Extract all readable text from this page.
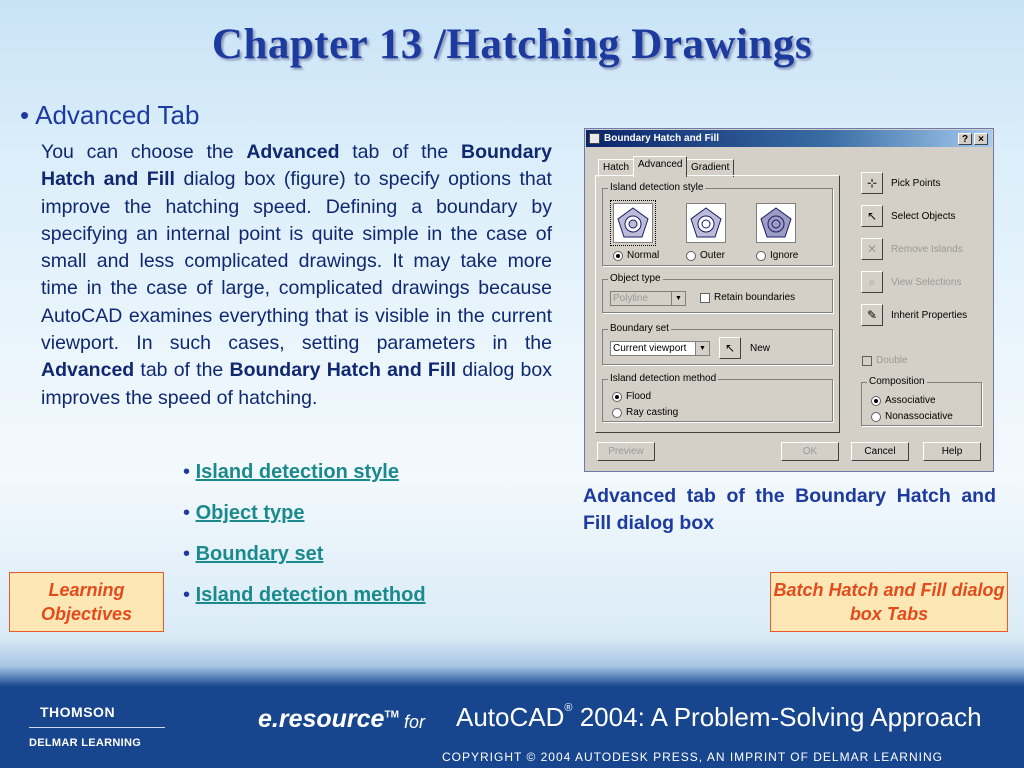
Chapter 13 /Hatching Drawings
• Advanced Tab
You can choose the Advanced tab of the Boundary Hatch and Fill dialog box (figure) to specify options that improve the hatching speed. Defining a boundary by specifying an internal point is quite simple in the case of small and less complicated drawings. It may take more time in the case of large, complicated drawings because AutoCAD examines everything that is visible in the current viewport. In such cases, setting parameters in the Advanced tab of the Boundary Hatch and Fill dialog box improves the speed of hatching.
• Island detection style
• Object type
• Boundary set
• Island detection method
Learning Objectives
Batch Hatch and Fill dialog box Tabs
Advanced tab of the Boundary Hatch and Fill dialog box
Boundary Hatch and Fill	?	×
Hatch Advanced Gradient
Island detection style
Normal	Outer	Ignore
Object type
Polyline	▼	Retain boundaries
Boundary set
Current viewport	▼	↖	New
Island detection method
Flood
Ray casting
⊹	Pick Points
↖	Select Objects
✕	Remove Islands
⌕	View Selections
✎	Inherit Properties
Double
Composition
Associative
Nonassociative
Preview	OK	Cancel	Help
THOMSON
DELMAR LEARNING
e.resource™ for AutoCAD® 2004: A Problem-Solving Approach
COPYRIGHT © 2004 AUTODESK PRESS, AN IMPRINT OF DELMAR LEARNING
